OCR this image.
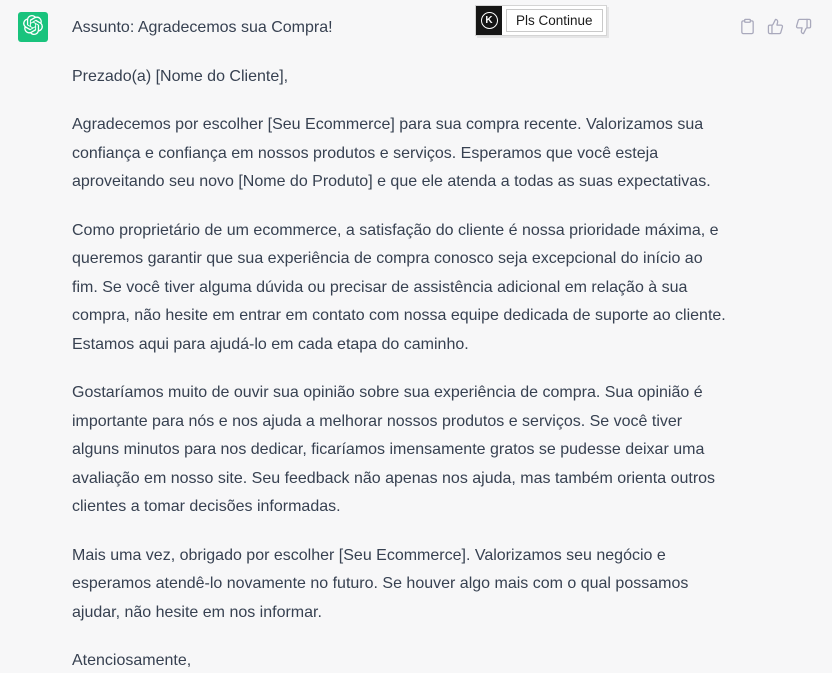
Assunto: Agradecemos sua Compra!

Prezado(a) [Nome do Cliente],

Agradecemos por escolher [Seu Ecommerce] para sua compra recente. Valorizamos sua confiança e confiança em nossos produtos e serviços. Esperamos que você esteja aproveitando seu novo [Nome do Produto] e que ele atenda a todas as suas expectativas.

Como proprietário de um ecommerce, a satisfação do cliente é nossa prioridade máxima, e queremos garantir que sua experiência de compra conosco seja excepcional do início ao fim. Se você tiver alguma dúvida ou precisar de assistência adicional em relação à sua compra, não hesite em entrar em contato com nossa equipe dedicada de suporte ao cliente. Estamos aqui para ajudá-lo em cada etapa do caminho.

Gostaríamos muito de ouvir sua opinião sobre sua experiência de compra. Sua opinião é importante para nós e nos ajuda a melhorar nossos produtos e serviços. Se você tiver alguns minutos para nos dedicar, ficaríamos imensamente gratos se pudesse deixar uma avaliação em nosso site. Seu feedback não apenas nos ajuda, mas também orienta outros clientes a tomar decisões informadas.

Mais uma vez, obrigado por escolher [Seu Ecommerce]. Valorizamos seu negócio e esperamos atendê-lo novamente no futuro. Se houver algo mais com o qual possamos ajudar, não hesite em nos informar.

Atenciosamente,

K	Pls Continue
